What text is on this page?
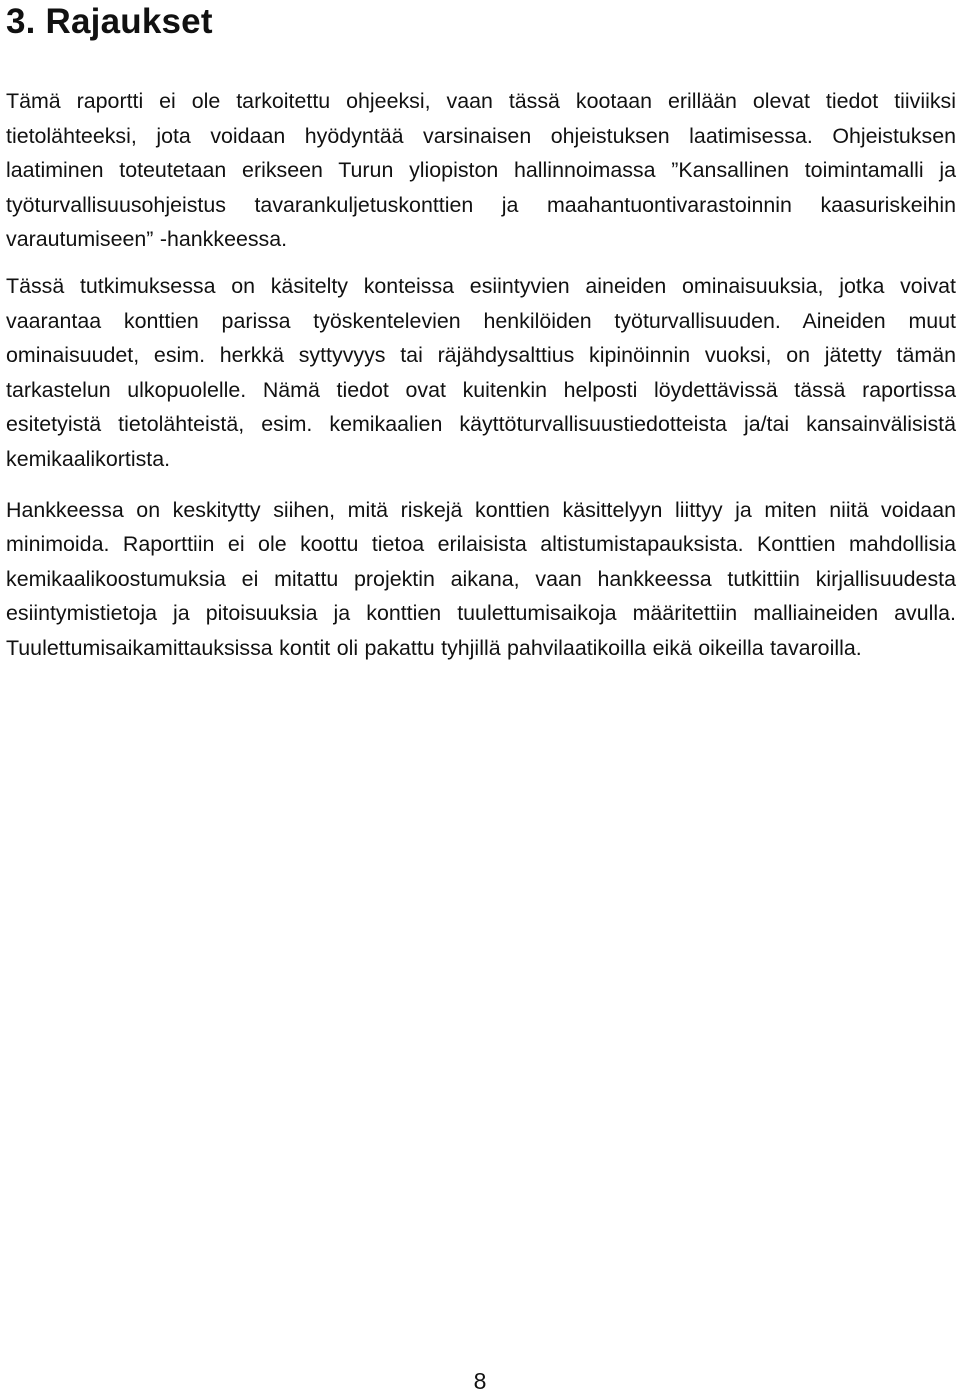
3. Rajaukset

Tämä raportti ei ole tarkoitettu ohjeeksi, vaan tässä kootaan erillään olevat tiedot tiiviiksi tietolähteeksi, jota voidaan hyödyntää varsinaisen ohjeistuksen laatimisessa. Ohjeistuksen laatiminen toteutetaan erikseen Turun yliopiston hallinnoimassa ”Kansallinen toimintamalli ja työturvallisuusohjeistus tavarankuljetuskonttien ja maahantuontivarastoinnin kaasuriskeihin varautumiseen” -hankkeessa.

Tässä tutkimuksessa on käsitelty konteissa esiintyvien aineiden ominaisuuksia, jotka voivat vaarantaa konttien parissa työskentelevien henkilöiden työturvallisuuden. Aineiden muut ominaisuudet, esim. herkkä syttyvyys tai räjähdysalttius kipinöinnin vuoksi, on jätetty tämän tarkastelun ulkopuolelle. Nämä tiedot ovat kuitenkin helposti löydettävissä tässä raportissa esitetyistä tietolähteistä, esim. kemikaalien käyttöturvallisuustiedotteista ja/tai kansainvälisistä kemikaalikortista.

Hankkeessa on keskitytty siihen, mitä riskejä konttien käsittelyyn liittyy ja miten niitä voidaan minimoida. Raporttiin ei ole koottu tietoa erilaisista altistumistapauksista. Konttien mahdollisia kemikaalikoostumuksia ei mitattu projektin aikana, vaan hankkeessa tutkittiin kirjallisuudesta esiintymistietoja ja pitoisuuksia ja konttien tuulettumisaikoja määritettiin malliaineiden avulla. Tuulettumisaikamittauksissa kontit oli pakattu tyhjillä pahvilaatikoilla eikä oikeilla tavaroilla.

8
